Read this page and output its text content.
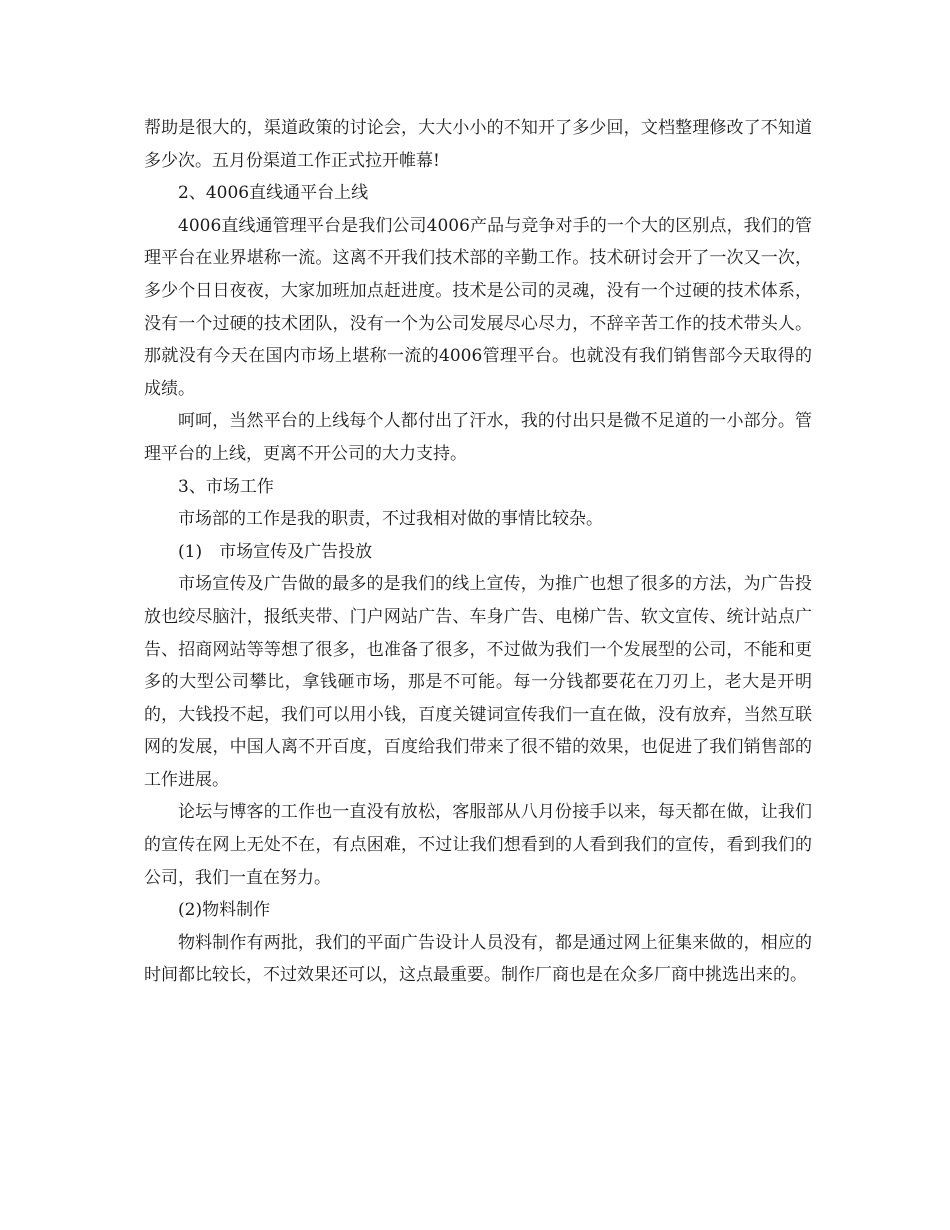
帮助是很大的，渠道政策的讨论会，大大小小的不知开了多少回，文档整理修改了不知道多少次。五月份渠道工作正式拉开帷幕!

2、4006直线通平台上线

4006直线通管理平台是我们公司4006产品与竞争对手的一个大的区别点，我们的管理平台在业界堪称一流。这离不开我们技术部的辛勤工作。技术研讨会开了一次又一次，多少个日日夜夜，大家加班加点赶进度。技术是公司的灵魂，没有一个过硬的技术体系，没有一个过硬的技术团队，没有一个为公司发展尽心尽力，不辞辛苦工作的技术带头人。那就没有今天在国内市场上堪称一流的4006管理平台。也就没有我们销售部今天取得的成绩。

呵呵，当然平台的上线每个人都付出了汗水，我的付出只是微不足道的一小部分。管理平台的上线，更离不开公司的大力支持。

3、市场工作

市场部的工作是我的职责，不过我相对做的事情比较杂。

(1)　市场宣传及广告投放

市场宣传及广告做的最多的是我们的线上宣传，为推广也想了很多的方法，为广告投放也绞尽脑汁，报纸夹带、门户网站广告、车身广告、电梯广告、软文宣传、统计站点广告、招商网站等等想了很多，也准备了很多，不过做为我们一个发展型的公司，不能和更多的大型公司攀比，拿钱砸市场，那是不可能。每一分钱都要花在刀刃上，老大是开明的，大钱投不起，我们可以用小钱，百度关键词宣传我们一直在做，没有放弃，当然互联网的发展，中国人离不开百度，百度给我们带来了很不错的效果，也促进了我们销售部的工作进展。

论坛与博客的工作也一直没有放松，客服部从八月份接手以来，每天都在做，让我们的宣传在网上无处不在，有点困难，不过让我们想看到的人看到我们的宣传，看到我们的公司，我们一直在努力。

(2)物料制作

物料制作有两批，我们的平面广告设计人员没有，都是通过网上征集来做的，相应的时间都比较长，不过效果还可以，这点最重要。制作厂商也是在众多厂商中挑选出来的。
